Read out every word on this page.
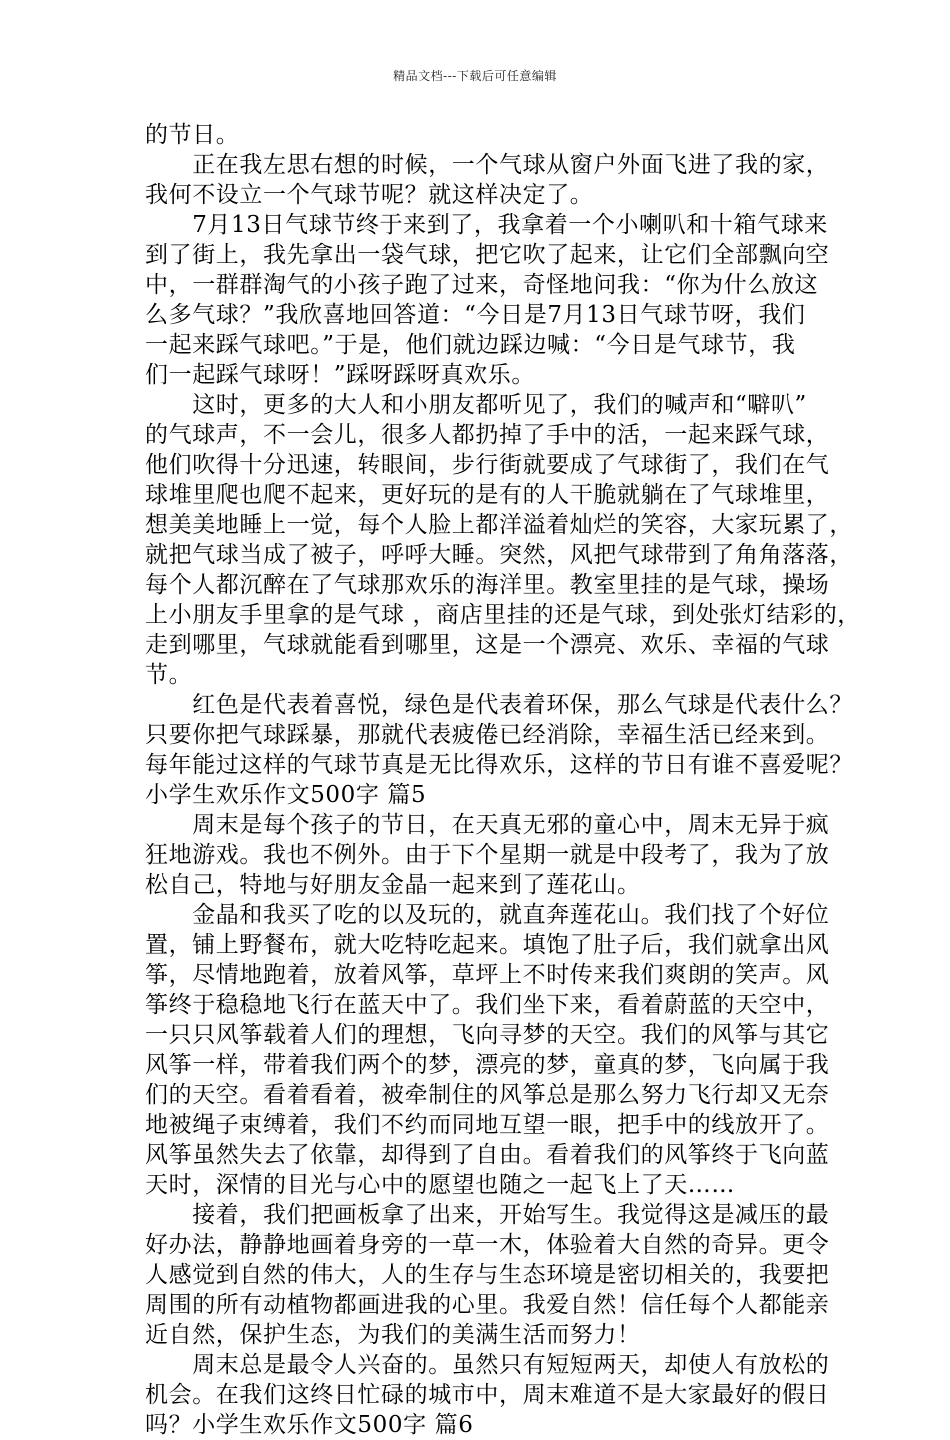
精品文档---下载后可任意编辑
的节日。
　　正在我左思右想的时候，一个气球从窗户外面飞进了我的家，
我何不设立一个气球节呢？就这样决定了。
　　7月13日气球节终于来到了，我拿着一个小喇叭和十箱气球来
到了街上，我先拿出一袋气球，把它吹了起来，让它们全部飘向空
中，一群群淘气的小孩子跑了过来，奇怪地问我：“你为什么放这
么多气球？”我欣喜地回答道：“今日是7月13日气球节呀，我们
一起来踩气球吧。”于是，他们就边踩边喊：“今日是气球节，我
们一起踩气球呀！”踩呀踩呀真欢乐。
　　这时，更多的大人和小朋友都听见了，我们的喊声和“噼叭”
的气球声，不一会儿，很多人都扔掉了手中的活，一起来踩气球，
他们吹得十分迅速，转眼间，步行街就要成了气球街了，我们在气
球堆里爬也爬不起来，更好玩的是有的人干脆就躺在了气球堆里，
想美美地睡上一觉，每个人脸上都洋溢着灿烂的笑容，大家玩累了，
就把气球当成了被子，呼呼大睡。突然，风把气球带到了角角落落，
每个人都沉醉在了气球那欢乐的海洋里。教室里挂的是气球，操场
上小朋友手里拿的是气球 ，商店里挂的还是气球，到处张灯结彩的，
走到哪里，气球就能看到哪里，这是一个漂亮、欢乐、幸福的气球
节。
　　红色是代表着喜悦，绿色是代表着环保，那么气球是代表什么？
只要你把气球踩暴，那就代表疲倦已经消除，幸福生活已经来到。
每年能过这样的气球节真是无比得欢乐，这样的节日有谁不喜爱呢？
小学生欢乐作文500字 篇5
　　周末是每个孩子的节日，在天真无邪的童心中，周末无异于疯
狂地游戏。我也不例外。由于下个星期一就是中段考了，我为了放
松自己，特地与好朋友金晶一起来到了莲花山。
　　金晶和我买了吃的以及玩的，就直奔莲花山。我们找了个好位
置，铺上野餐布，就大吃特吃起来。填饱了肚子后，我们就拿出风
筝，尽情地跑着，放着风筝，草坪上不时传来我们爽朗的笑声。风
筝终于稳稳地飞行在蓝天中了。我们坐下来，看着蔚蓝的天空中，
一只只风筝载着人们的理想，飞向寻梦的天空。我们的风筝与其它
风筝一样，带着我们两个的梦，漂亮的梦，童真的梦，飞向属于我
们的天空。看着看着，被牵制住的风筝总是那么努力飞行却又无奈
地被绳子束缚着，我们不约而同地互望一眼，把手中的线放开了。
风筝虽然失去了依靠，却得到了自由。看着我们的风筝终于飞向蓝
天时，深情的目光与心中的愿望也随之一起飞上了天……
　　接着，我们把画板拿了出来，开始写生。我觉得这是减压的最
好办法，静静地画着身旁的一草一木，体验着大自然的奇异。更令
人感觉到自然的伟大，人的生存与生态环境是密切相关的，我要把
周围的所有动植物都画进我的心里。我爱自然！信任每个人都能亲
近自然，保护生态，为我们的美满生活而努力！
　　周末总是最令人兴奋的。虽然只有短短两天，却使人有放松的
机会。在我们这终日忙碌的城市中，周末难道不是大家最好的假日
吗？小学生欢乐作文500字 篇6
